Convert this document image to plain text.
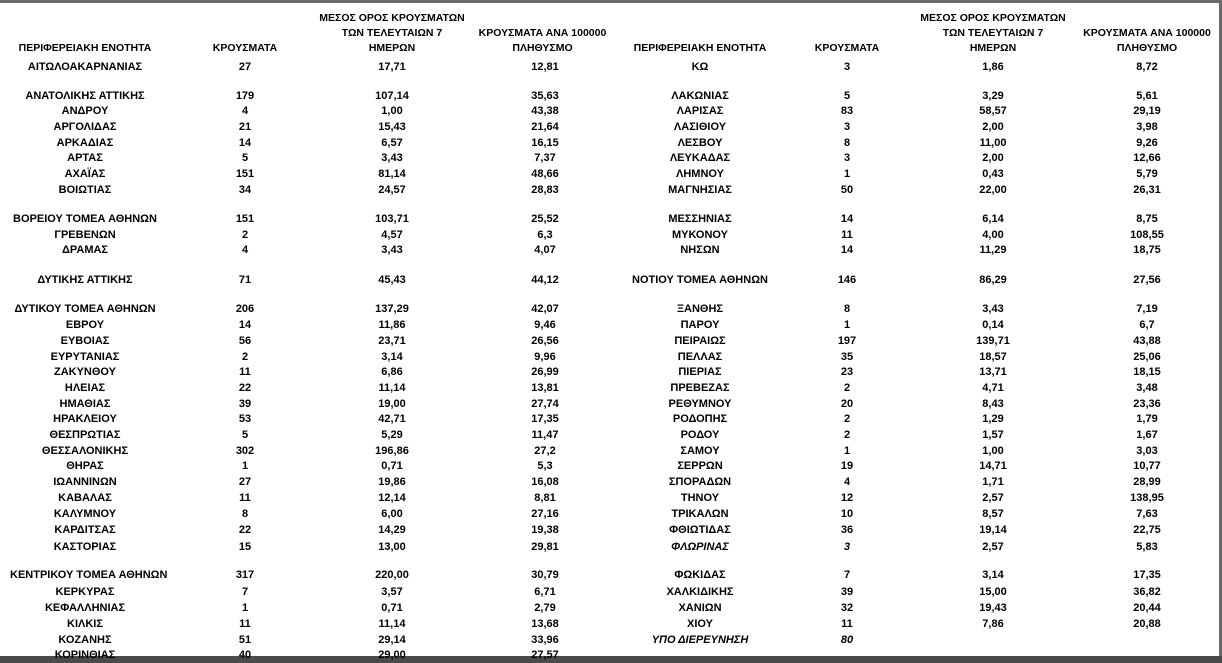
ΠΕΡΙΦΕΡΕΙΑΚΗ ΕΝΟΤΗΤΑ	ΚΡΟΥΣΜΑΤΑ
ΜΕΣΟΣ ΟΡΟΣ ΚΡΟΥΣΜΑΤΩΝ
ΤΩΝ ΤΕΛΕΥΤΑΙΩΝ 7
ΗΜΕΡΩΝ
ΚΡΟΥΣΜΑΤΑ ΑΝΑ 100000
ΠΛΗΘΥΣΜΟ
ΑΙΤΩΛΟΑΚΑΡΝΑΝΙΑΣ	27	17,71	12,81
ΑΝΑΤΟΛΙΚΗΣ ΑΤΤΙΚΗΣ	179	107,14	35,63
ΑΝΔΡΟΥ	4	1,00	43,38
ΑΡΓΟΛΙΔΑΣ	21	15,43	21,64
ΑΡΚΑΔΙΑΣ	14	6,57	16,15
ΑΡΤΑΣ	5	3,43	7,37
ΑΧΑΪΑΣ	151	81,14	48,66
ΒΟΙΩΤΙΑΣ	34	24,57	28,83
ΒΟΡΕΙΟΥ ΤΟΜΕΑ ΑΘΗΝΩΝ	151	103,71	25,52
ΓΡΕΒΕΝΩΝ	2	4,57	6,3
ΔΡΑΜΑΣ	4	3,43	4,07
ΔΥΤΙΚΗΣ ΑΤΤΙΚΗΣ	71	45,43	44,12
ΔΥΤΙΚΟΥ ΤΟΜΕΑ ΑΘΗΝΩΝ	206	137,29	42,07
ΕΒΡΟΥ	14	11,86	9,46
ΕΥΒΟΙΑΣ	56	23,71	26,56
ΕΥΡΥΤΑΝΙΑΣ	2	3,14	9,96
ΖΑΚΥΝΘΟΥ	11	6,86	26,99
ΗΛΕΙΑΣ	22	11,14	13,81
ΗΜΑΘΙΑΣ	39	19,00	27,74
ΗΡΑΚΛΕΙΟΥ	53	42,71	17,35
ΘΕΣΠΡΩΤΙΑΣ	5	5,29	11,47
ΘΕΣΣΑΛΟΝΙΚΗΣ	302	196,86	27,2
ΘΗΡΑΣ	1	0,71	5,3
ΙΩΑΝΝΙΝΩΝ	27	19,86	16,08
ΚΑΒΑΛΑΣ	11	12,14	8,81
ΚΑΛΥΜΝΟΥ	8	6,00	27,16
ΚΑΡΔΙΤΣΑΣ	22	14,29	19,38
ΚΑΣΤΟΡΙΑΣ	15	13,00	29,81
ΚΕΝΤΡΙΚΟΥ ΤΟΜΕΑ ΑΘΗΝΩΝ	317	220,00	30,79
ΚΕΡΚΥΡΑΣ	7	3,57	6,71
ΚΕΦΑΛΛΗΝΙΑΣ	1	0,71	2,79
ΚΙΛΚΙΣ	11	11,14	13,68
ΚΟΖΑΝΗΣ	51	29,14	33,96
ΚΟΡΙΝΘΙΑΣ	40	29,00	27,57
ΠΕΡΙΦΕΡΕΙΑΚΗ ΕΝΟΤΗΤΑ	ΚΡΟΥΣΜΑΤΑ
ΜΕΣΟΣ ΟΡΟΣ ΚΡΟΥΣΜΑΤΩΝ
ΤΩΝ ΤΕΛΕΥΤΑΙΩΝ 7
ΗΜΕΡΩΝ
ΚΡΟΥΣΜΑΤΑ ΑΝΑ 100000
ΠΛΗΘΥΣΜΟ
ΚΩ	3	1,86	8,72
ΛΑΚΩΝΙΑΣ	5	3,29	5,61
ΛΑΡΙΣΑΣ	83	58,57	29,19
ΛΑΣΙΘΙΟΥ	3	2,00	3,98
ΛΕΣΒΟΥ	8	11,00	9,26
ΛΕΥΚΑΔΑΣ	3	2,00	12,66
ΛΗΜΝΟΥ	1	0,43	5,79
ΜΑΓΝΗΣΙΑΣ	50	22,00	26,31
ΜΕΣΣΗΝΙΑΣ	14	6,14	8,75
ΜΥΚΟΝΟΥ	11	4,00	108,55
ΝΗΣΩΝ	14	11,29	18,75
ΝΟΤΙΟΥ ΤΟΜΕΑ ΑΘΗΝΩΝ	146	86,29	27,56
ΞΑΝΘΗΣ	8	3,43	7,19
ΠΑΡΟΥ	1	0,14	6,7
ΠΕΙΡΑΙΩΣ	197	139,71	43,88
ΠΕΛΛΑΣ	35	18,57	25,06
ΠΙΕΡΙΑΣ	23	13,71	18,15
ΠΡΕΒΕΖΑΣ	2	4,71	3,48
ΡΕΘΥΜΝΟΥ	20	8,43	23,36
ΡΟΔΟΠΗΣ	2	1,29	1,79
ΡΟΔΟΥ	2	1,57	1,67
ΣΑΜΟΥ	1	1,00	3,03
ΣΕΡΡΩΝ	19	14,71	10,77
ΣΠΟΡΑΔΩΝ	4	1,71	28,99
ΤΗΝΟΥ	12	2,57	138,95
ΤΡΙΚΑΛΩΝ	10	8,57	7,63
ΦΘΙΩΤΙΔΑΣ	36	19,14	22,75
ΦΛΩΡΙΝΑΣ	3	2,57	5,83
ΦΩΚΙΔΑΣ	7	3,14	17,35
ΧΑΛΚΙΔΙΚΗΣ	39	15,00	36,82
ΧΑΝΙΩΝ	32	19,43	20,44
ΧΙΟΥ	11	7,86	20,88
ΥΠΟ ΔΙΕΡΕΥΝΗΣΗ	80
